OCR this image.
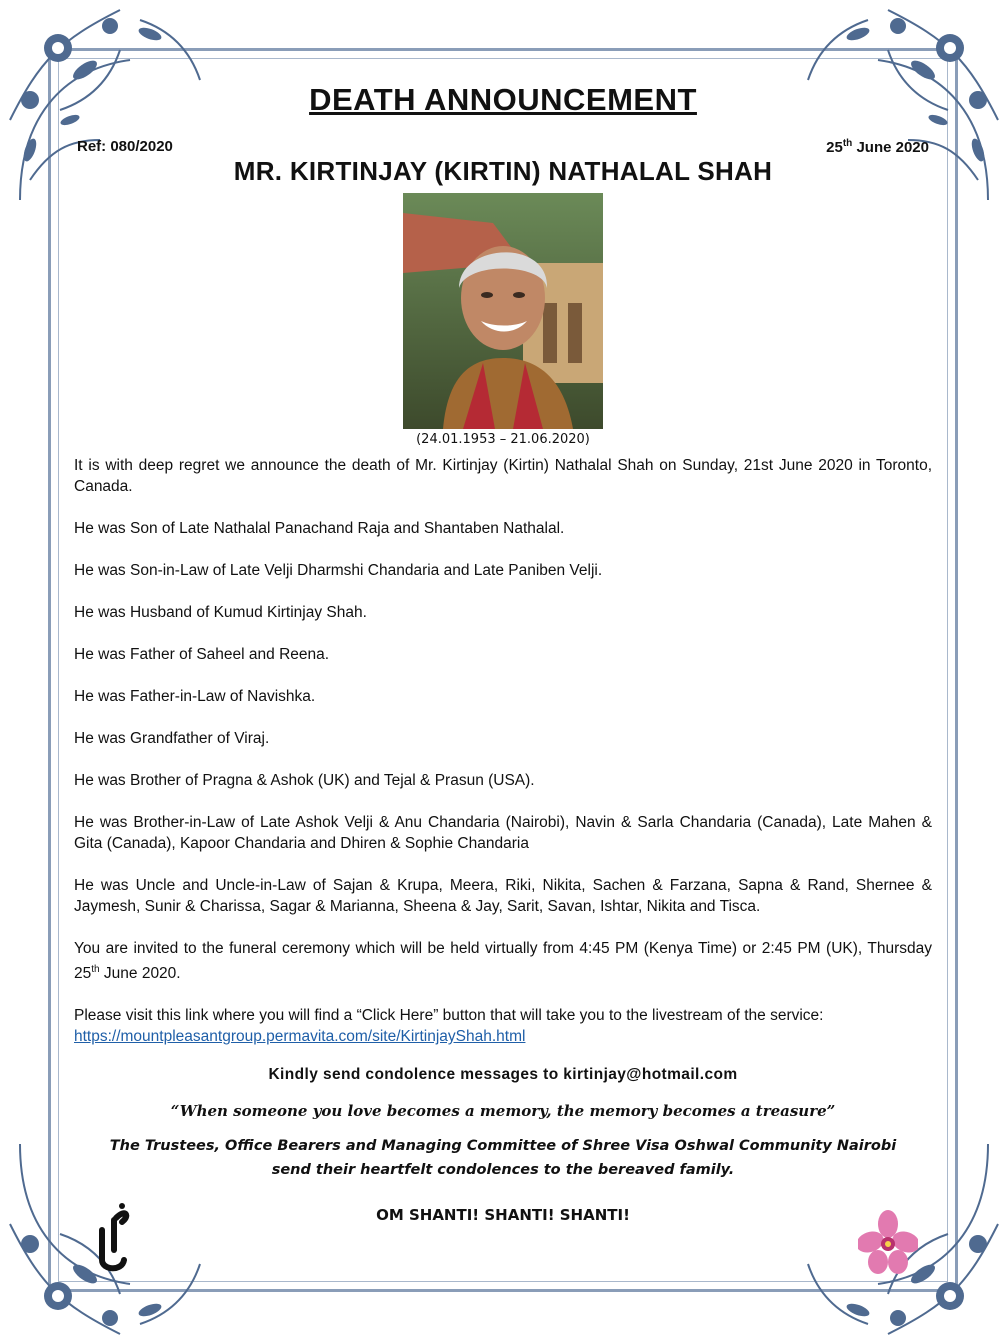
DEATH ANNOUNCEMENT
Ref: 080/2020	25th June 2020
MR. KIRTINJAY (KIRTIN) NATHALAL SHAH
(24.01.1953 – 21.06.2020)

It is with deep regret we announce the death of Mr. Kirtinjay (Kirtin) Nathalal Shah on Sunday, 21st June 2020 in Toronto, Canada.

He was Son of Late Nathalal Panachand Raja and Shantaben Nathalal.

He was Son-in-Law of Late Velji Dharmshi Chandaria and Late Paniben Velji.

He was Husband of Kumud Kirtinjay Shah.

He was Father of Saheel and Reena.

He was Father-in-Law of Navishka.

He was Grandfather of Viraj.

He was Brother of Pragna & Ashok (UK) and Tejal & Prasun (USA).

He was Brother-in-Law of Late Ashok Velji & Anu Chandaria (Nairobi), Navin & Sarla Chandaria (Canada), Late Mahen & Gita (Canada), Kapoor Chandaria and Dhiren & Sophie Chandaria

He was Uncle and Uncle-in-Law of Sajan & Krupa, Meera, Riki, Nikita, Sachen & Farzana, Sapna & Rand, Shernee & Jaymesh, Sunir & Charissa, Sagar & Marianna, Sheena & Jay, Sarit, Savan, Ishtar, Nikita and Tisca.

You are invited to the funeral ceremony which will be held virtually from 4:45 PM (Kenya Time) or 2:45 PM (UK), Thursday 25th June 2020.

Please visit this link where you will find a “Click Here” button that will take you to the livestream of the service:
https://mountpleasantgroup.permavita.com/site/KirtinjayShah.html

Kindly send condolence messages to kirtinjay@hotmail.com
“When someone you love becomes a memory, the memory becomes a treasure”
The Trustees, Office Bearers and Managing Committee of Shree Visa Oshwal Community Nairobi
send their heartfelt condolences to the bereaved family.
OM SHANTI! SHANTI! SHANTI!
